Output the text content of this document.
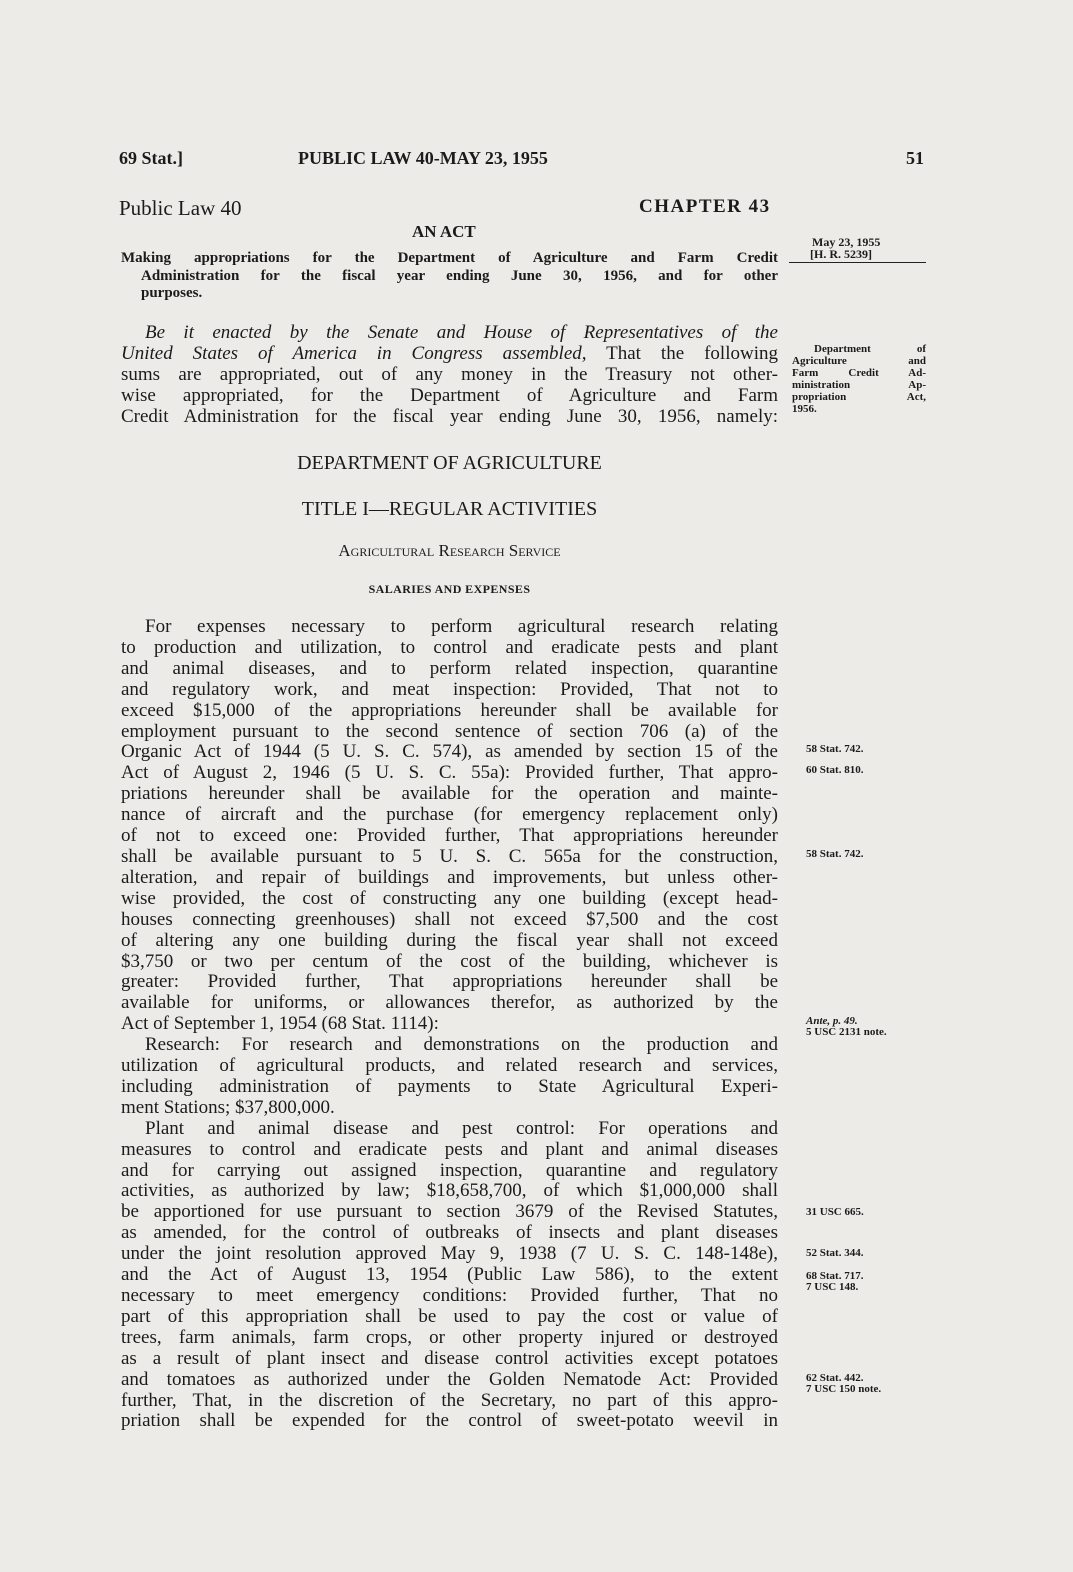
69 Stat.]	PUBLIC LAW 40-MAY 23, 1955	51
Public Law 40	CHAPTER 43
AN ACT
May 23, 1955
[H. R. 5239]
Making appropriations for the Department of Agriculture and Farm Credit
Administration for the fiscal year ending June 30, 1956, and for other
purposes.
Be it enacted by the Senate and House of Representatives of the
United States of America in Congress assembled, That the following
sums are appropriated, out of any money in the Treasury not other-
wise appropriated, for the Department of Agriculture and Farm
Credit Administration for the fiscal year ending June 30, 1956, namely:
Department of
Agriculture and
Farm Credit Ad-
ministration Ap-
propriation Act,
1956.
DEPARTMENT OF AGRICULTURE
TITLE I—REGULAR ACTIVITIES
Agricultural Research Service
SALARIES AND EXPENSES
For expenses necessary to perform agricultural research relating
to production and utilization, to control and eradicate pests and plant
and animal diseases, and to perform related inspection, quarantine
and regulatory work, and meat inspection: Provided, That not to
exceed $15,000 of the appropriations hereunder shall be available for
employment pursuant to the second sentence of section 706 (a) of the
Organic Act of 1944 (5 U. S. C. 574), as amended by section 15 of the
Act of August 2, 1946 (5 U. S. C. 55a): Provided further, That appro-
priations hereunder shall be available for the operation and mainte-
nance of aircraft and the purchase (for emergency replacement only)
of not to exceed one: Provided further, That appropriations hereunder
shall be available pursuant to 5 U. S. C. 565a for the construction,
alteration, and repair of buildings and improvements, but unless other-
wise provided, the cost of constructing any one building (except head-
houses connecting greenhouses) shall not exceed $7,500 and the cost
of altering any one building during the fiscal year shall not exceed
$3,750 or two per centum of the cost of the building, whichever is
greater: Provided further, That appropriations hereunder shall be
available for uniforms, or allowances therefor, as authorized by the
Act of September 1, 1954 (68 Stat. 1114):
Research: For research and demonstrations on the production and
utilization of agricultural products, and related research and services,
including administration of payments to State Agricultural Experi-
ment Stations; $37,800,000.
Plant and animal disease and pest control: For operations and
measures to control and eradicate pests and plant and animal diseases
and for carrying out assigned inspection, quarantine and regulatory
activities, as authorized by law; $18,658,700, of which $1,000,000 shall
be apportioned for use pursuant to section 3679 of the Revised Statutes,
as amended, for the control of outbreaks of insects and plant diseases
under the joint resolution approved May 9, 1938 (7 U. S. C. 148-148e),
and the Act of August 13, 1954 (Public Law 586), to the extent
necessary to meet emergency conditions: Provided further, That no
part of this appropriation shall be used to pay the cost or value of
trees, farm animals, farm crops, or other property injured or destroyed
as a result of plant insect and disease control activities except potatoes
and tomatoes as authorized under the Golden Nematode Act: Provided
further, That, in the discretion of the Secretary, no part of this appro-
priation shall be expended for the control of sweet-potato weevil in
58 Stat. 742.
60 Stat. 810.
58 Stat. 742.
Ante, p. 49.
5 USC 2131 note.
31 USC 665.
52 Stat. 344.
68 Stat. 717.
7 USC 148.
62 Stat. 442.
7 USC 150 note.
